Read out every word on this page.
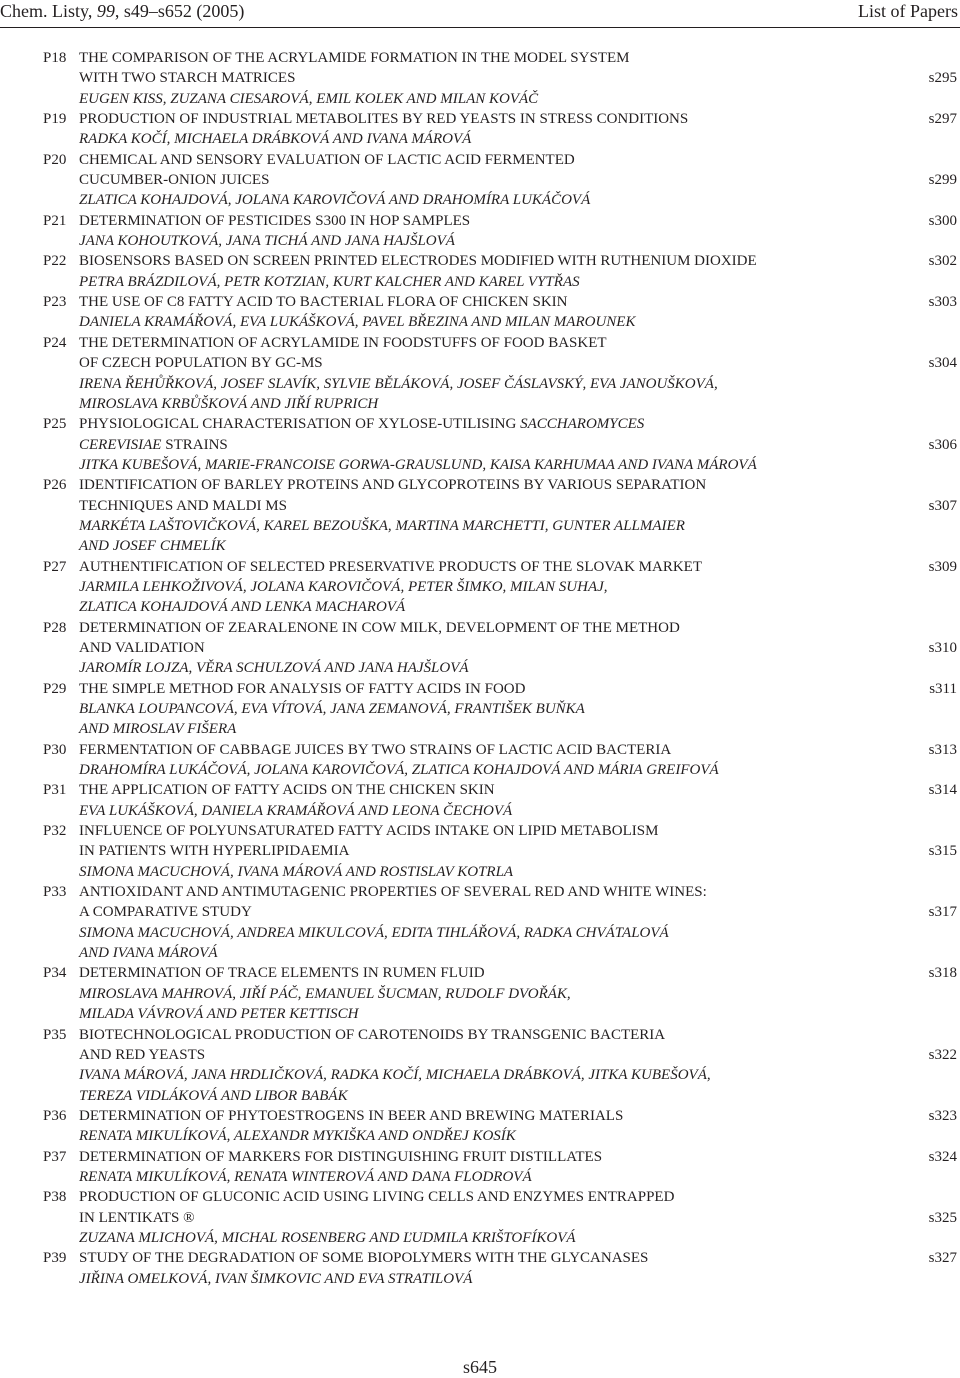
Chem. Listy, 99, s49–s652 (2005)	List of Papers
P18 THE COMPARISON OF THE ACRYLAMIDE FORMATION IN THE MODEL SYSTEM
WITH TWO STARCH MATRICES	s295
EUGEN KISS, ZUZANA CIESAROVÁ, EMIL KOLEK AND MILAN KOVÁČ
P19 PRODUCTION OF INDUSTRIAL METABOLITES BY RED YEASTS IN STRESS CONDITIONS	s297
RADKA KOČÍ, MICHAELA DRÁBKOVÁ AND IVANA MÁROVÁ
P20 CHEMICAL AND SENSORY EVALUATION OF LACTIC ACID FERMENTED
CUCUMBER-ONION JUICES	s299
ZLATICA KOHAJDOVÁ, JOLANA KAROVIČOVÁ AND DRAHOMÍRA LUKÁČOVÁ
P21 DETERMINATION OF PESTICIDES S300 IN HOP SAMPLES	s300
JANA KOHOUTKOVÁ, JANA TICHÁ AND JANA HAJŠLOVÁ
P22 BIOSENSORS BASED ON SCREEN PRINTED ELECTRODES MODIFIED WITH RUTHENIUM DIOXIDE	s302
PETRA BRÁZDILOVÁ, PETR KOTZIAN, KURT KALCHER AND KAREL VYTŘAS
P23 THE USE OF C8 FATTY ACID TO BACTERIAL FLORA OF CHICKEN SKIN	s303
DANIELA KRAMÁŘOVÁ, EVA LUKÁŠKOVÁ, PAVEL BŘEZINA AND MILAN MAROUNEK
P24 THE DETERMINATION OF ACRYLAMIDE IN FOODSTUFFS OF FOOD BASKET
OF CZECH POPULATION BY GC-MS	s304
IRENA ŘEHŮŘKOVÁ, JOSEF SLAVÍK, SYLVIE BĚLÁKOVÁ, JOSEF ČÁSLAVSKÝ, EVA JANOUŠKOVÁ,
MIROSLAVA KRBŮŠKOVÁ AND JIŘÍ RUPRICH
P25 PHYSIOLOGICAL CHARACTERISATION OF XYLOSE-UTILISING SACCHAROMYCES
CEREVISIAE STRAINS	s306
JITKA KUBEŠOVÁ, MARIE-FRANCOISE GORWA-GRAUSLUND, KAISA KARHUMAA AND IVANA MÁROVÁ
P26 IDENTIFICATION OF BARLEY PROTEINS AND GLYCOPROTEINS BY VARIOUS SEPARATION
TECHNIQUES AND MALDI MS	s307
MARKÉTA LAŠTOVIČKOVÁ, KAREL BEZOUŠKA, MARTINA MARCHETTI, GUNTER ALLMAIER
AND JOSEF CHMELÍK
P27 AUTHENTIFICATION OF SELECTED PRESERVATIVE PRODUCTS OF THE SLOVAK MARKET	s309
JARMILA LEHKOŽIVOVÁ, JOLANA KAROVIČOVÁ, PETER ŠIMKO, MILAN SUHAJ,
ZLATICA KOHAJDOVÁ AND LENKA MACHAROVÁ
P28 DETERMINATION OF ZEARALENONE IN COW MILK, DEVELOPMENT OF THE METHOD
AND VALIDATION	s310
JAROMÍR LOJZA, VĚRA SCHULZOVÁ AND JANA HAJŠLOVÁ
P29 THE SIMPLE METHOD FOR ANALYSIS OF FATTY ACIDS IN FOOD	s311
BLANKA LOUPANCOVÁ, EVA VÍTOVÁ, JANA ZEMANOVÁ, FRANTIŠEK BUŇKA
AND MIROSLAV FIŠERA
P30 FERMENTATION OF CABBAGE JUICES BY TWO STRAINS OF LACTIC ACID BACTERIA	s313
DRAHOMÍRA LUKÁČOVÁ, JOLANA KAROVIČOVÁ, ZLATICA KOHAJDOVÁ AND MÁRIA GREIFOVÁ
P31 THE APPLICATION OF FATTY ACIDS ON THE CHICKEN SKIN	s314
EVA LUKÁŠKOVÁ, DANIELA KRAMÁŘOVÁ AND LEONA ČECHOVÁ
P32 INFLUENCE OF POLYUNSATURATED FATTY ACIDS INTAKE ON LIPID METABOLISM
IN PATIENTS WITH HYPERLIPIDAEMIA	s315
SIMONA MACUCHOVÁ, IVANA MÁROVÁ AND ROSTISLAV KOTRLA
P33 ANTIOXIDANT AND ANTIMUTAGENIC PROPERTIES OF SEVERAL RED AND WHITE WINES:
A COMPARATIVE STUDY	s317
SIMONA MACUCHOVÁ, ANDREA MIKULCOVÁ, EDITA TIHLÁŘOVÁ, RADKA CHVÁTALOVÁ
AND IVANA MÁROVÁ
P34 DETERMINATION OF TRACE ELEMENTS IN RUMEN FLUID	s318
MIROSLAVA MAHROVÁ, JIŘÍ PÁČ, EMANUEL ŠUCMAN, RUDOLF DVOŘÁK,
MILADA VÁVROVÁ AND PETER KETTISCH
P35 BIOTECHNOLOGICAL PRODUCTION OF CAROTENOIDS BY TRANSGENIC BACTERIA
AND RED YEASTS	s322
IVANA MÁROVÁ, JANA HRDLIČKOVÁ, RADKA KOČÍ, MICHAELA DRÁBKOVÁ, JITKA KUBEŠOVÁ,
TEREZA VIDLÁKOVÁ AND LIBOR BABÁK
P36 DETERMINATION OF PHYTOESTROGENS IN BEER AND BREWING MATERIALS	s323
RENATA MIKULÍKOVÁ, ALEXANDR MYKIŠKA AND ONDŘEJ KOSÍK
P37 DETERMINATION OF MARKERS FOR DISTINGUISHING FRUIT DISTILLATES	s324
RENATA MIKULÍKOVÁ, RENATA WINTEROVÁ AND DANA FLODROVÁ
P38 PRODUCTION OF GLUCONIC ACID USING LIVING CELLS AND ENZYMES ENTRAPPED
IN LENTIKATS ®	s325
ZUZANA MLICHOVÁ, MICHAL ROSENBERG AND ĽUDMILA KRIŠTOFÍKOVÁ
P39 STUDY OF THE DEGRADATION OF SOME BIOPOLYMERS WITH THE GLYCANASES	s327
JIŘINA OMELKOVÁ, IVAN ŠIMKOVIC AND EVA STRATILOVÁ
s645
